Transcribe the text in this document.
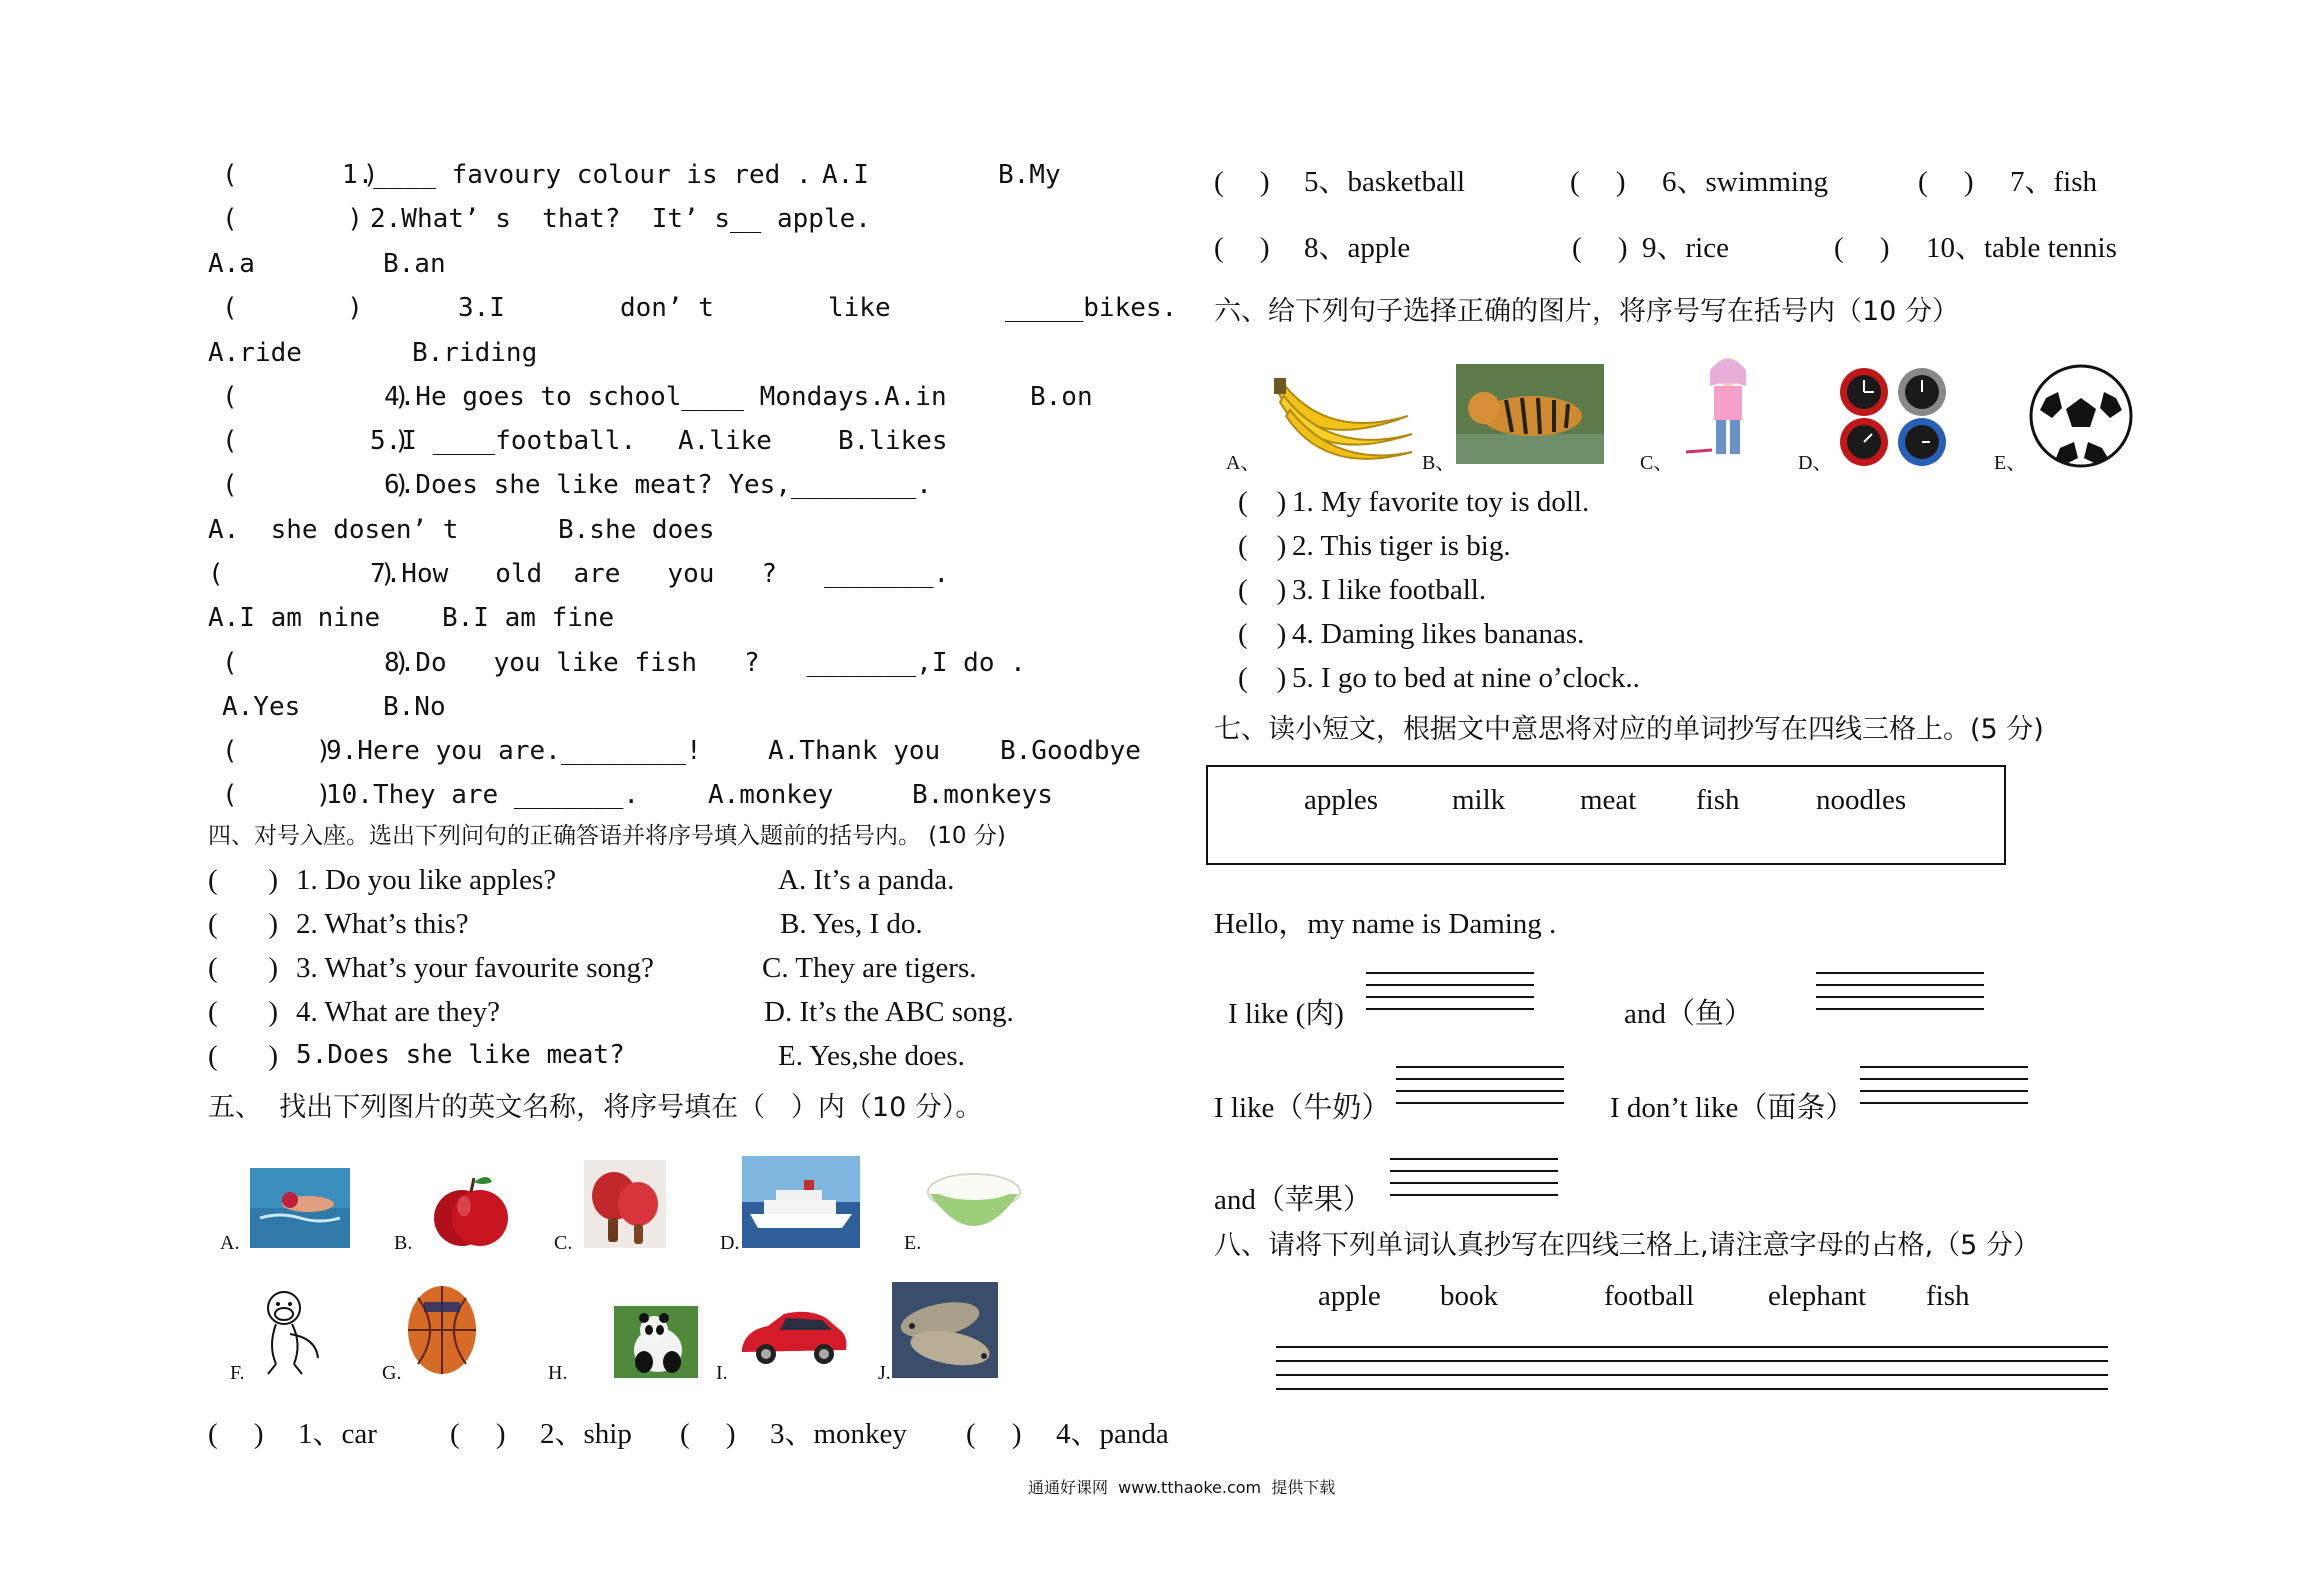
(        )
1.____ favoury colour is red . A.I	B.My
(       ) 2.What’ s  that?  It’ s__ apple.
A.a	B.an
(       )	3.I	don’ t	like	_____bikes.
A.ride	B.riding
(          )
4.He goes to school____ Mondays. A.in	B.on
(          )
5.I ____football. A.like	B.likes
(          )
6.Does she like meat? Yes,________.
A.  she dosen’ t	B.she does
(          )
7.How   old  are   you   ?   _______.
A.I am nine B.I am fine
(          )
8.Do   you like fish   ?   _______,I do .
A.Yes	B.No
(     )
9.Here you are.________!	A.Thank you B.Goodbye
(     )
10.They are _______.	A.monkey	B.monkeys
四、对号入座。选出下列问句的正确答语并将序号填入题前的括号内。 (10 分)
(       ) 1. Do you like apples?	A. It’s a panda.
(       ) 2. What’s this?	B. Yes, I do.
(       ) 3. What’s your favourite song?	C. They are tigers.
(       ) 4. What are they?	D. It’s the ABC song.
(       ) 5.Does she like meat?	E. Yes,she does.
五、  找出下列图片的英文名称，将序号填在（   ）内（10 分）。
A.	B.	C.	D.	E.
F.	G.	H.	I.	J.
(     ) 1、car	(     ) 2、ship (     ) 3、monkey (     ) 4、panda
(     ) 5、basketball	(     ) 6、swimming	(     ) 7、fish
(     ) 8、apple	(     ) 9、rice	(     ) 10、table tennis
六、给下列句子选择正确的图片，将序号写在括号内（10 分）
A、	B、	C、	D、	E、
(    ) 1. My favorite toy is doll.
(    ) 2. This tiger is big.
(    ) 3. I like football.
(    ) 4. Daming likes bananas.
(    ) 5. I go to bed at nine o’clock..
七、读小短文，根据文中意思将对应的单词抄写在四线三格上。(5 分)
apples	milk	meat fish	noodles
Hello，my name is Daming .
I like (肉)	and（鱼）
I like（牛奶）	I don’t like（面条）
and（苹果）
八、请将下列单词认真抄写在四线三格上,请注意字母的占格,（5 分）
apple book	football	elephant fish
通通好课网  www.tthaoke.com  提供下载
